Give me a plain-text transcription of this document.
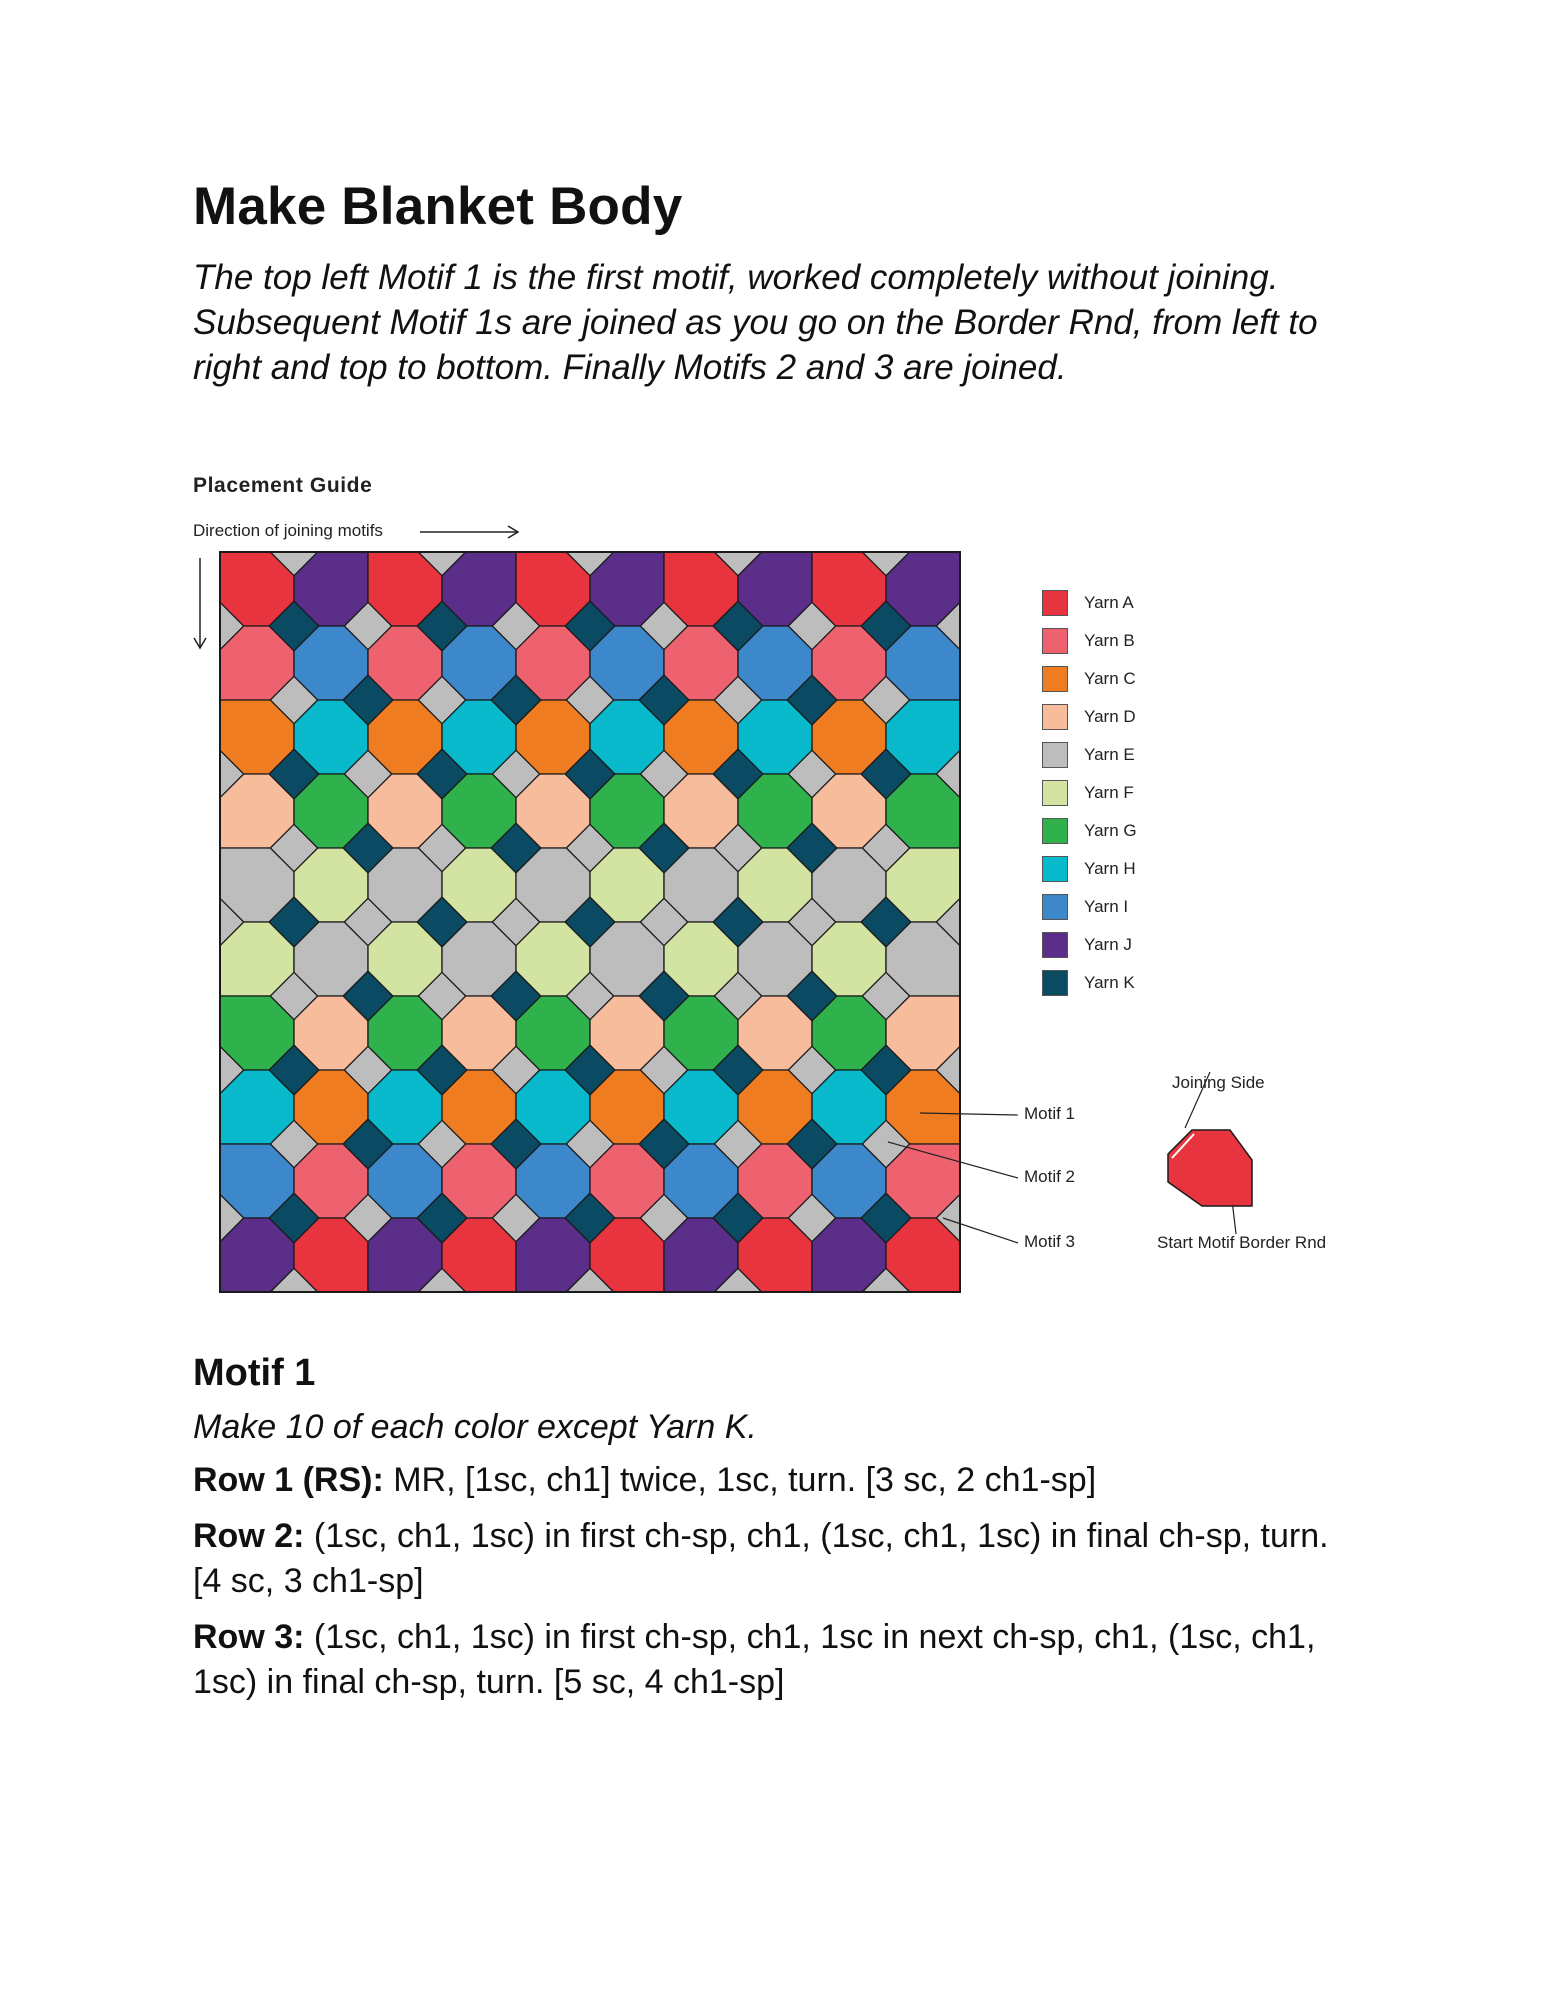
Make Blanket Body

The top left Motif 1 is the first motif, worked completely without joining. Subsequent Motif 1s are joined as you go on the Border Rnd, from left to right and top to bottom. Finally Motifs 2 and 3 are joined.

Placement Guide
Direction of joining motifs
Yarn A
Yarn B
Yarn C
Yarn D
Yarn E
Yarn F
Yarn G
Yarn H
Yarn I
Yarn J
Yarn K
Motif 1
Motif 2
Motif 3
Joining Side
Start Motif Border Rnd
Motif 1

Make 10 of each color except Yarn K.

Row 1 (RS): MR, [1sc, ch1] twice, 1sc, turn. [3 sc, 2 ch1-sp]

Row 2: (1sc, ch1, 1sc) in first ch-sp, ch1, (1sc, ch1, 1sc) in final ch-sp, turn. [4 sc, 3 ch1-sp]

Row 3: (1sc, ch1, 1sc) in first ch-sp, ch1, 1sc in next ch-sp, ch1, (1sc, ch1, 1sc) in final ch-sp, turn. [5 sc, 4 ch1-sp]
